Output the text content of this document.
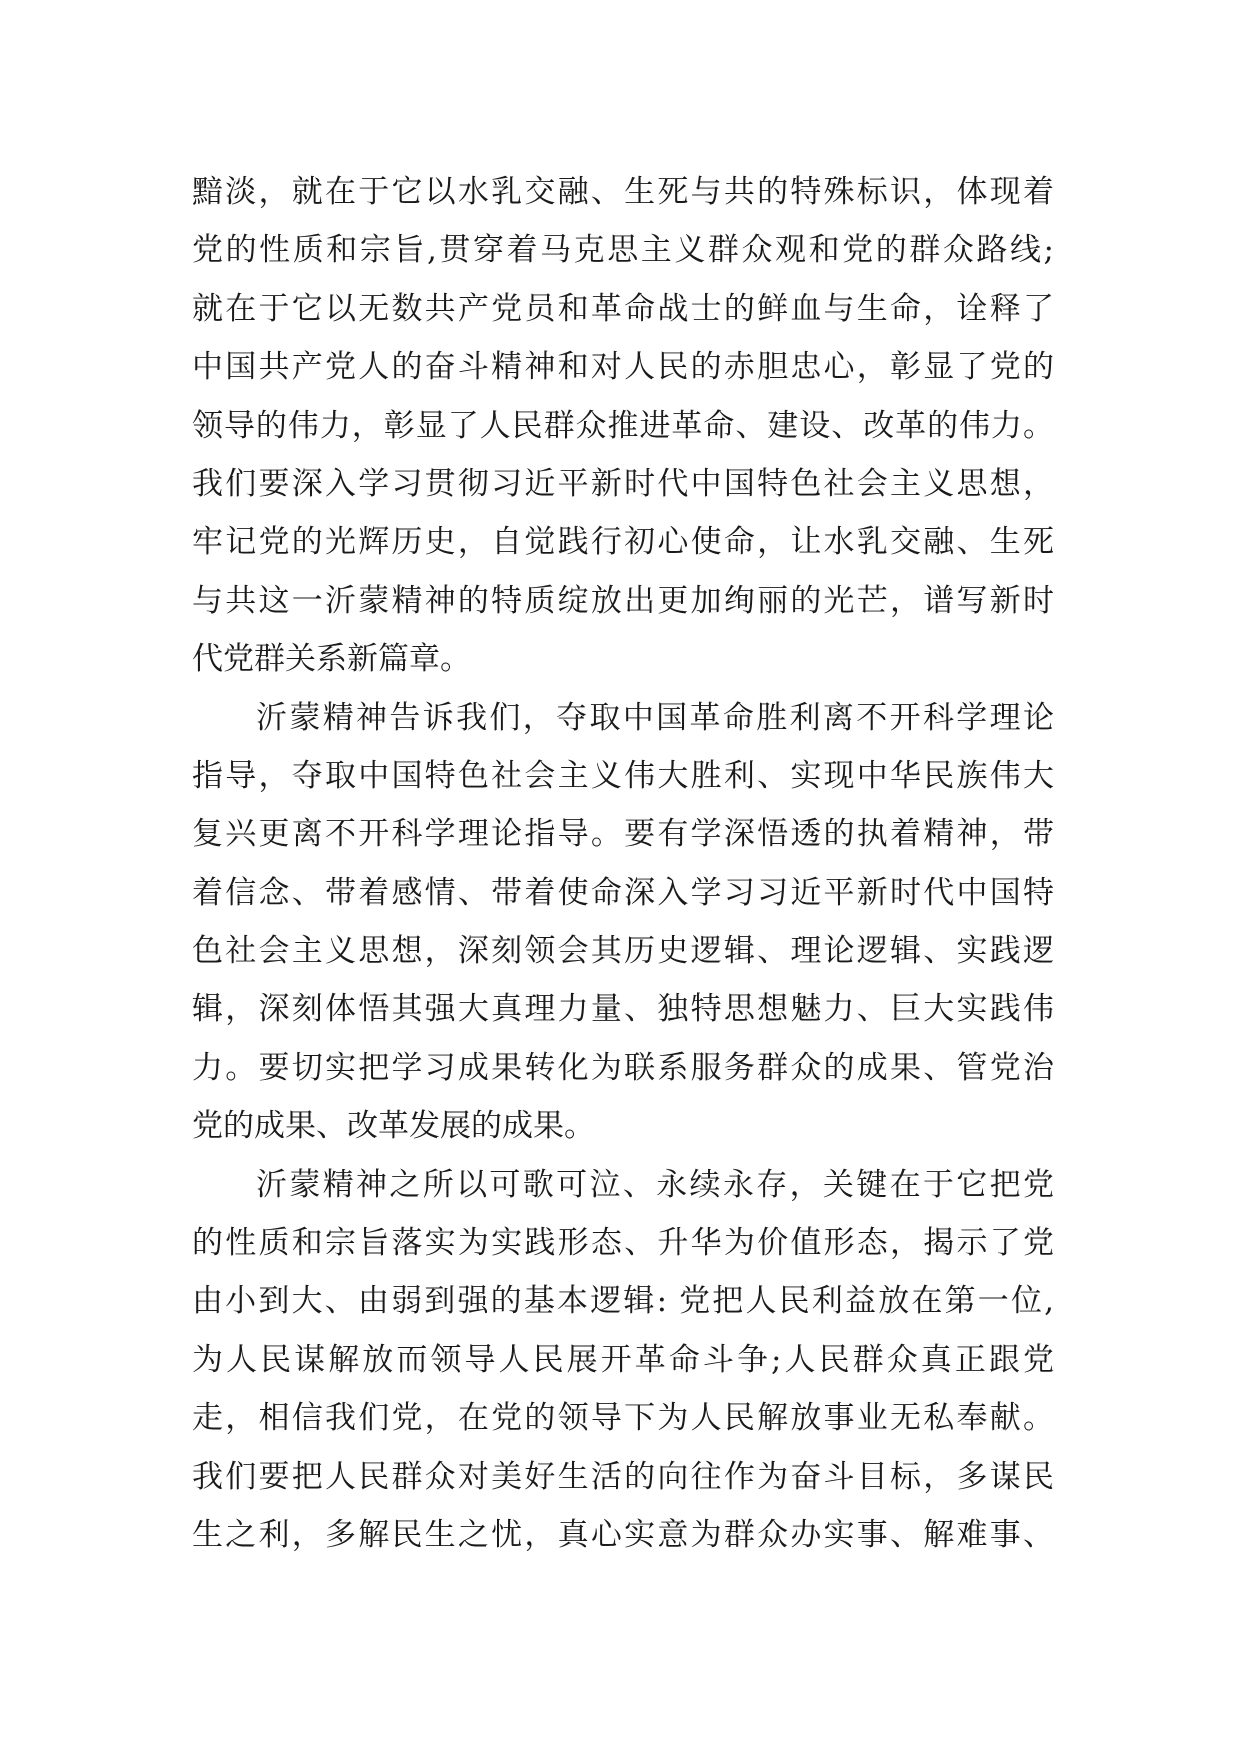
黯淡，就在于它以水乳交融、生死与共的特殊标识，体现着
党的性质和宗旨,贯穿着马克思主义群众观和党的群众路线;
就在于它以无数共产党员和革命战士的鲜血与生命，诠释了
中国共产党人的奋斗精神和对人民的赤胆忠心，彰显了党的
领导的伟力，彰显了人民群众推进革命、建设、改革的伟力。
我们要深入学习贯彻习近平新时代中国特色社会主义思想，
牢记党的光辉历史，自觉践行初心使命，让水乳交融、生死
与共这一沂蒙精神的特质绽放出更加绚丽的光芒，谱写新时
代党群关系新篇章。
沂蒙精神告诉我们，夺取中国革命胜利离不开科学理论
指导，夺取中国特色社会主义伟大胜利、实现中华民族伟大
复兴更离不开科学理论指导。要有学深悟透的执着精神，带
着信念、带着感情、带着使命深入学习习近平新时代中国特
色社会主义思想，深刻领会其历史逻辑、理论逻辑、实践逻
辑，深刻体悟其强大真理力量、独特思想魅力、巨大实践伟
力。要切实把学习成果转化为联系服务群众的成果、管党治
党的成果、改革发展的成果。
沂蒙精神之所以可歌可泣、永续永存，关键在于它把党
的性质和宗旨落实为实践形态、升华为价值形态，揭示了党
由小到大、由弱到强的基本逻辑: 党把人民利益放在第一位,
为人民谋解放而领导人民展开革命斗争;人民群众真正跟党
走，相信我们党，在党的领导下为人民解放事业无私奉献。
我们要把人民群众对美好生活的向往作为奋斗目标，多谋民
生之利，多解民生之忧，真心实意为群众办实事、解难事、
